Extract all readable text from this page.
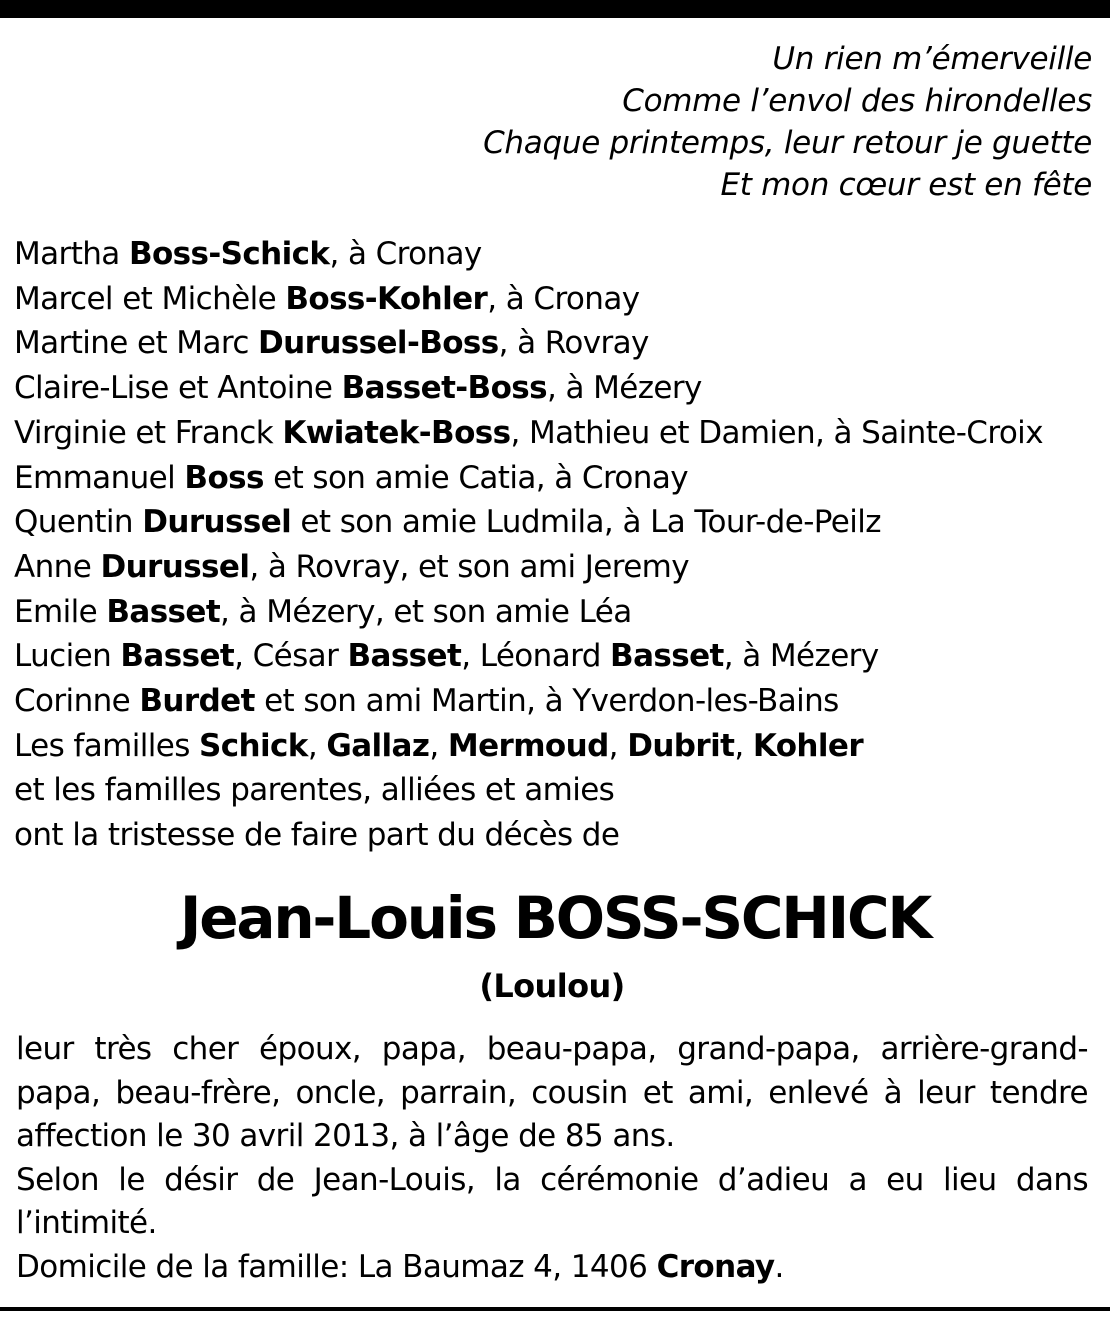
Un rien m’émerveille
Comme l’envol des hirondelles
Chaque printemps, leur retour je guette
Et mon cœur est en fête
Martha Boss-Schick, à Cronay
Marcel et Michèle Boss-Kohler, à Cronay
Martine et Marc Durussel-Boss, à Rovray
Claire-Lise et Antoine Basset-Boss, à Mézery
Virginie et Franck Kwiatek-Boss, Mathieu et Damien, à Sainte-Croix
Emmanuel Boss et son amie Catia, à Cronay
Quentin Durussel et son amie Ludmila, à La Tour-de-Peilz
Anne Durussel, à Rovray, et son ami Jeremy
Emile Basset, à Mézery, et son amie Léa
Lucien Basset, César Basset, Léonard Basset, à Mézery
Corinne Burdet et son ami Martin, à Yverdon-les-Bains
Les familles Schick, Gallaz, Mermoud, Dubrit, Kohler
et les familles parentes, alliées et amies
ont la tristesse de faire part du décès de
Jean-Louis BOSS-SCHICK
(Loulou)
leur très cher époux, papa, beau-papa, grand-papa, arrière-grand-papa, beau-frère, oncle, parrain, cousin et ami, enlevé à leur tendre affection le 30 avril 2013, à l’âge de 85 ans.
Selon le désir de Jean-Louis, la cérémonie d’adieu a eu lieu dans l’intimité.
Domicile de la famille: La Baumaz 4, 1406 Cronay.
